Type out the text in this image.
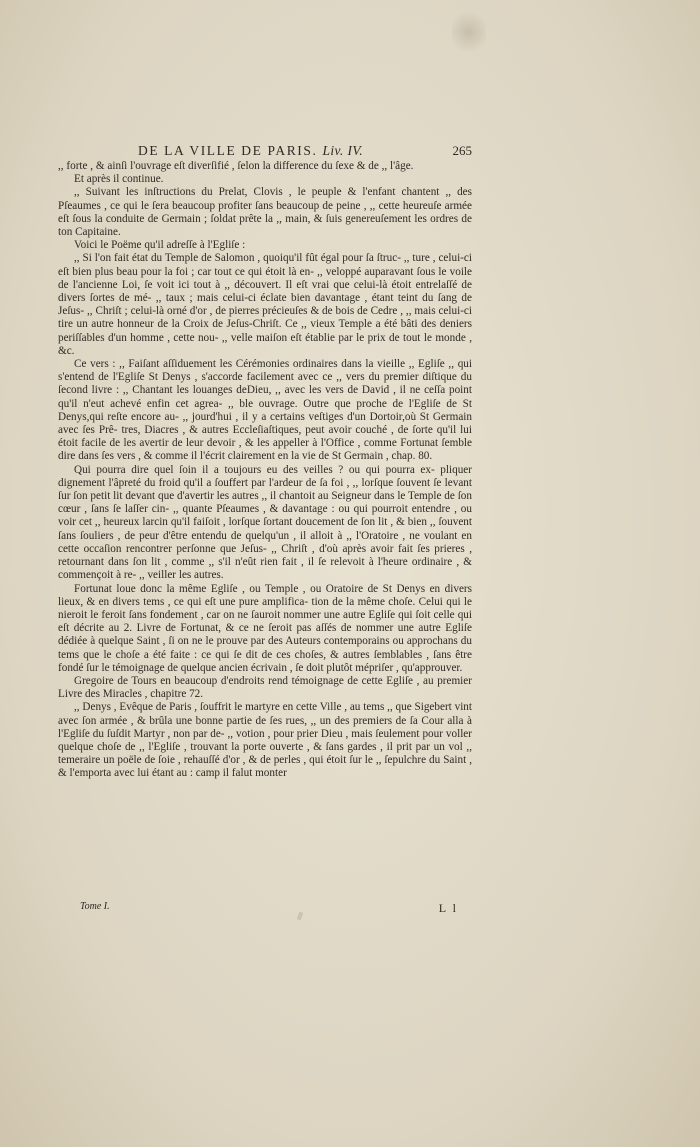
DE LA VILLE DE PARIS. Liv. IV.	265

,, forte , & ainſi l'ouvrage eſt diverſifié , ſelon la difference du ſexe & de ,, l'âge.

Et après il continue.

,, Suivant les inſtructions du Prelat, Clovis , le peuple & l'enfant chantent ,, des Pſeaumes , ce qui le ſera beaucoup profiter ſans beaucoup de peine , ,, cette heureuſe armée eſt ſous la conduite de Germain ; ſoldat prête la ,, main, & ſuis genereuſement les ordres de ton Capitaine.

Voici le Poëme qu'il adreſſe à l'Egliſe :

,, Si l'on fait état du Temple de Salomon , quoiqu'il fût égal pour ſa ſtruc- ,, ture , celui-ci eſt bien plus beau pour la foi ; car tout ce qui étoit là en- ,, veloppé auparavant ſous le voile de l'ancienne Loi, ſe voit ici tout à ,, découvert. Il eſt vrai que celui-là étoit entrelaſſé de divers ſortes de mé- ,, taux ; mais celui-ci éclate bien davantage , étant teint du ſang de Jeſus- ,, Chriſt ; celui-là orné d'or , de pierres précieuſes & de bois de Cedre , ,, mais celui-ci tire un autre honneur de la Croix de Jeſus-Chriſt. Ce ,, vieux Temple a été bâti des deniers periſſables d'un homme , cette nou- ,, velle maiſon eſt établie par le prix de tout le monde , &c.

Ce vers : ,, Faiſant aſſiduement les Cérémonies ordinaires dans la vieille ,, Egliſe ,, qui s'entend de l'Egliſe St Denys , s'accorde facilement avec ce ,, vers du premier diſtique du ſecond livre : ,, Chantant les louanges deDieu, ,, avec les vers de David , il ne ceſſa point qu'il n'eut achevé enfin cet agrea- ,, ble ouvrage. Outre que proche de l'Egliſe de St Denys,qui reſte encore au- ,, jourd'hui , il y a certains veſtiges d'un Dortoir,où St Germain avec ſes Prê- tres, Diacres , & autres Eccleſiaſtiques, peut avoir couché , de ſorte qu'il lui étoit facile de les avertir de leur devoir , & les appeller à l'Office , comme Fortunat ſemble dire dans ſes vers , & comme il l'écrit clairement en la vie de St Germain , chap. 80.

Qui pourra dire quel ſoin il a toujours eu des veilles ? ou qui pourra ex- pliquer dignement l'âpreté du froid qu'il a ſouffert par l'ardeur de ſa foi , ,, lorſque ſouvent ſe levant ſur ſon petit lit devant que d'avertir les autres ,, il chantoit au Seigneur dans le Temple de ſon cœur , ſans ſe laſſer cin- ,, quante Pſeaumes , & davantage : ou qui pourroit entendre , ou voir cet ,, heureux larcin qu'il faiſoit , lorſque ſortant doucement de ſon lit , & bien ,, ſouvent ſans ſouliers , de peur d'être entendu de quelqu'un , il alloit à ,, l'Oratoire , ne voulant en cette occaſion rencontrer perſonne que Jeſus- ,, Chriſt , d'où après avoir fait ſes prieres , retournant dans ſon lit , comme ,, s'il n'eût rien fait , il ſe relevoit à l'heure ordinaire , & commençoit à re- ,, veiller les autres.

Fortunat loue donc la même Egliſe , ou Temple , ou Oratoire de St Denys en divers lieux, & en divers tems , ce qui eſt une pure amplifica- tion de la même choſe. Celui qui le nieroit le feroit ſans fondement , car on ne ſauroit nommer une autre Egliſe qui ſoit celle qui eſt décrite au 2. Livre de Fortunat, & ce ne ſeroit pas aſſés de nommer une autre Egliſe dédiée à quelque Saint , ſi on ne le prouve par des Auteurs contemporains ou approchans du tems que le choſe a été faite : ce qui ſe dit de ces choſes, & autres ſemblables , ſans être fondé ſur le témoignage de quelque ancien écrivain , ſe doit plutôt mépriſer , qu'approuver.

Gregoire de Tours en beaucoup d'endroits rend témoignage de cette Egliſe , au premier Livre des Miracles , chapitre 72.

,, Denys , Evêque de Paris , ſouffrit le martyre en cette Ville , au tems ,, que Sigebert vint avec ſon armée , & brûla une bonne partie de ſes rues, ,, un des premiers de ſa Cour alla à l'Egliſe du ſuſdit Martyr , non par de- ,, votion , pour prier Dieu , mais ſeulement pour voller quelque choſe de ,, l'Egliſe , trouvant la porte ouverte , & ſans gardes , il prit par un vol ,, temeraire un poële de ſoie , rehauſſé d'or , & de perles , qui étoit ſur le ,, ſepulchre du Saint , & l'emporta avec lui étant au : camp il falut monter

Tome I.	L l
